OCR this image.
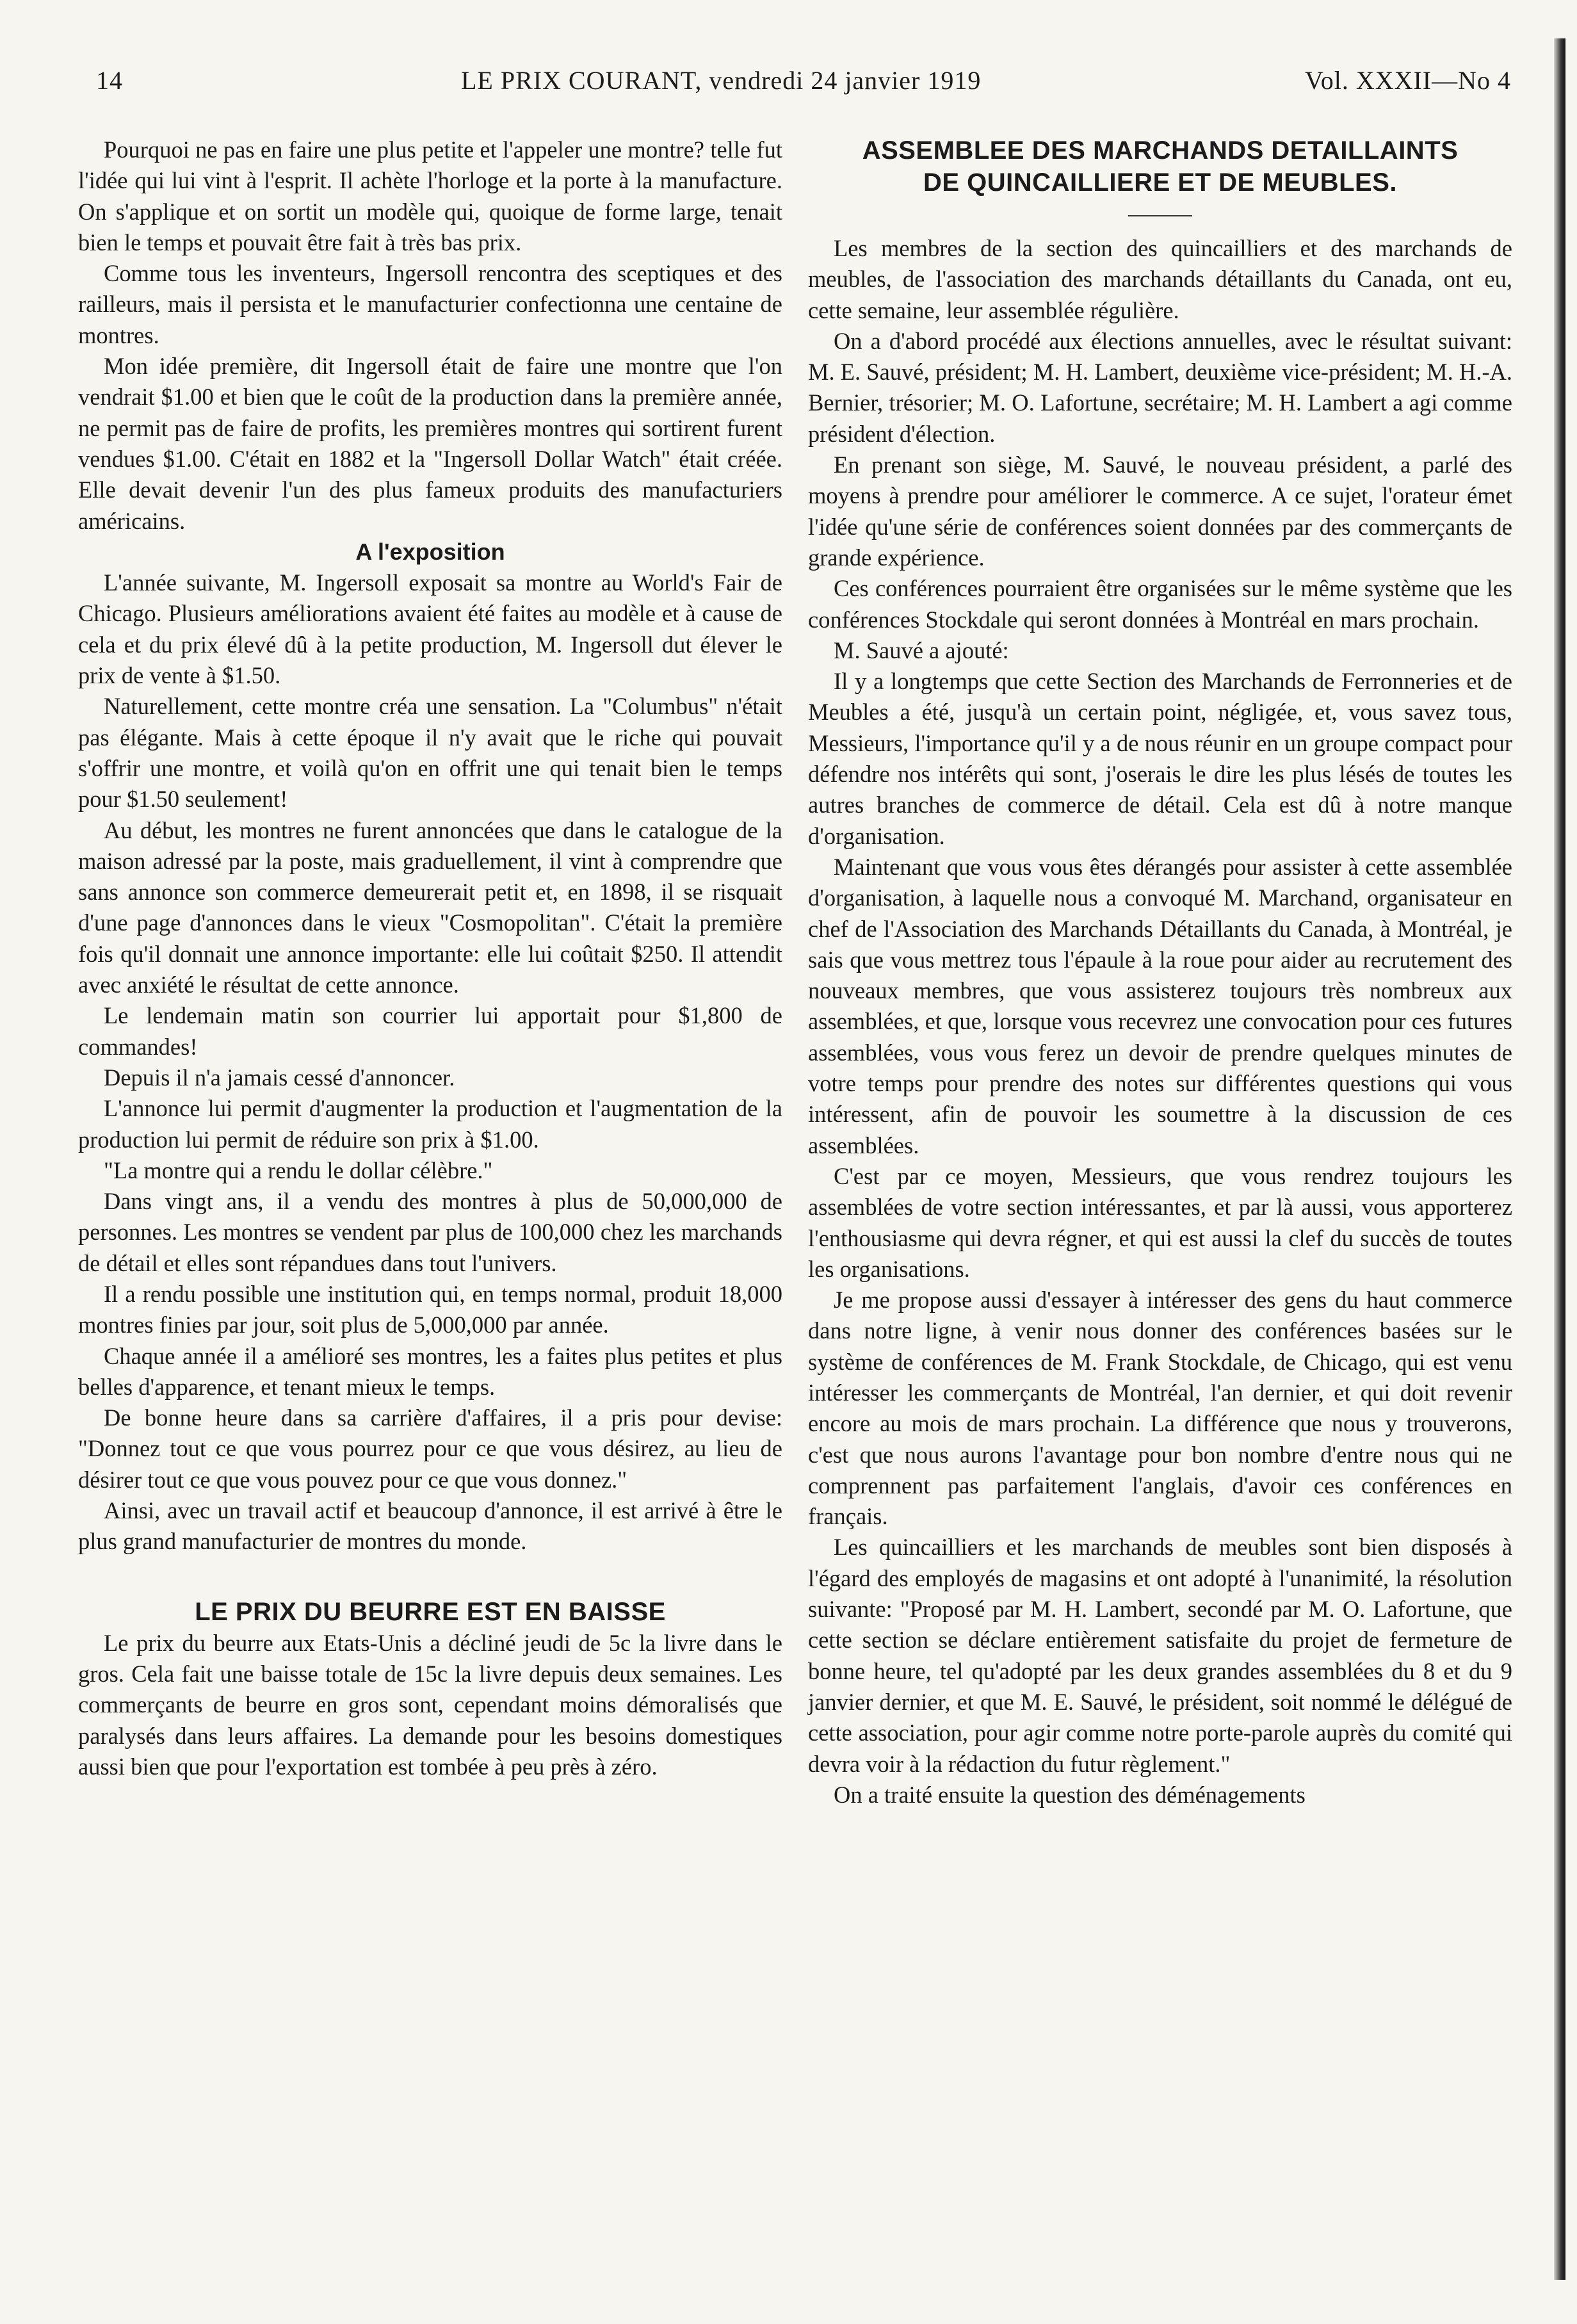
14	LE PRIX COURANT, vendredi 24 janvier 1919	Vol. XXXII—No 4

Pourquoi ne pas en faire une plus petite et l'appeler une montre? telle fut l'idée qui lui vint à l'esprit. Il achète l'horloge et la porte à la manufacture. On s'applique et on sortit un modèle qui, quoique de forme large, tenait bien le temps et pouvait être fait à très bas prix.

Comme tous les inventeurs, Ingersoll rencontra des sceptiques et des railleurs, mais il persista et le manufacturier confectionna une centaine de montres.

Mon idée première, dit Ingersoll était de faire une montre que l'on vendrait $1.00 et bien que le coût de la production dans la première année, ne permit pas de faire de profits, les premières montres qui sortirent furent vendues $1.00. C'était en 1882 et la "Ingersoll Dollar Watch" était créée. Elle devait devenir l'un des plus fameux produits des manufacturiers américains.

A l'exposition

L'année suivante, M. Ingersoll exposait sa montre au World's Fair de Chicago. Plusieurs améliorations avaient été faites au modèle et à cause de cela et du prix élevé dû à la petite production, M. Ingersoll dut élever le prix de vente à $1.50.

Naturellement, cette montre créa une sensation. La "Columbus" n'était pas élégante. Mais à cette époque il n'y avait que le riche qui pouvait s'offrir une montre, et voilà qu'on en offrit une qui tenait bien le temps pour $1.50 seulement!

Au début, les montres ne furent annoncées que dans le catalogue de la maison adressé par la poste, mais graduellement, il vint à comprendre que sans annonce son commerce demeurerait petit et, en 1898, il se risquait d'une page d'annonces dans le vieux "Cosmopolitan". C'était la première fois qu'il donnait une annonce importante: elle lui coûtait $250. Il attendit avec anxiété le résultat de cette annonce.

Le lendemain matin son courrier lui apportait pour $1,800 de commandes!

Depuis il n'a jamais cessé d'annoncer.

L'annonce lui permit d'augmenter la production et l'augmentation de la production lui permit de réduire son prix à $1.00.

"La montre qui a rendu le dollar célèbre."

Dans vingt ans, il a vendu des montres à plus de 50,000,000 de personnes. Les montres se vendent par plus de 100,000 chez les marchands de détail et elles sont répandues dans tout l'univers.

Il a rendu possible une institution qui, en temps normal, produit 18,000 montres finies par jour, soit plus de 5,000,000 par année.

Chaque année il a amélioré ses montres, les a faites plus petites et plus belles d'apparence, et tenant mieux le temps.

De bonne heure dans sa carrière d'affaires, il a pris pour devise: "Donnez tout ce que vous pourrez pour ce que vous désirez, au lieu de désirer tout ce que vous pouvez pour ce que vous donnez."

Ainsi, avec un travail actif et beaucoup d'annonce, il est arrivé à être le plus grand manufacturier de montres du monde.

LE PRIX DU BEURRE EST EN BAISSE

Le prix du beurre aux Etats-Unis a décliné jeudi de 5c la livre dans le gros. Cela fait une baisse totale de 15c la livre depuis deux semaines. Les commerçants de beurre en gros sont, cependant moins démoralisés que paralysés dans leurs affaires. La demande pour les besoins domestiques aussi bien que pour l'exportation est tombée à peu près à zéro.

ASSEMBLEE DES MARCHANDS DETAILLAINTS
DE QUINCAILLIERE ET DE MEUBLES.

Les membres de la section des quincailliers et des marchands de meubles, de l'association des marchands détaillants du Canada, ont eu, cette semaine, leur assemblée régulière.

On a d'abord procédé aux élections annuelles, avec le résultat suivant: M. E. Sauvé, président; M. H. Lambert, deuxième vice-président; M. H.-A. Bernier, trésorier; M. O. Lafortune, secrétaire; M. H. Lambert a agi comme président d'élection.

En prenant son siège, M. Sauvé, le nouveau président, a parlé des moyens à prendre pour améliorer le commerce. A ce sujet, l'orateur émet l'idée qu'une série de conférences soient données par des commerçants de grande expérience.

Ces conférences pourraient être organisées sur le même système que les conférences Stockdale qui seront données à Montréal en mars prochain.

M. Sauvé a ajouté:

Il y a longtemps que cette Section des Marchands de Ferronneries et de Meubles a été, jusqu'à un certain point, négligée, et, vous savez tous, Messieurs, l'importance qu'il y a de nous réunir en un groupe compact pour défendre nos intérêts qui sont, j'oserais le dire les plus lésés de toutes les autres branches de commerce de détail. Cela est dû à notre manque d'organisation.

Maintenant que vous vous êtes dérangés pour assister à cette assemblée d'organisation, à laquelle nous a convoqué M. Marchand, organisateur en chef de l'Association des Marchands Détaillants du Canada, à Montréal, je sais que vous mettrez tous l'épaule à la roue pour aider au recrutement des nouveaux membres, que vous assisterez toujours très nombreux aux assemblées, et que, lorsque vous recevrez une convocation pour ces futures assemblées, vous vous ferez un devoir de prendre quelques minutes de votre temps pour prendre des notes sur différentes questions qui vous intéressent, afin de pouvoir les soumettre à la discussion de ces assemblées.

C'est par ce moyen, Messieurs, que vous rendrez toujours les assemblées de votre section intéressantes, et par là aussi, vous apporterez l'enthousiasme qui devra régner, et qui est aussi la clef du succès de toutes les organisations.

Je me propose aussi d'essayer à intéresser des gens du haut commerce dans notre ligne, à venir nous donner des conférences basées sur le système de conférences de M. Frank Stockdale, de Chicago, qui est venu intéresser les commerçants de Montréal, l'an dernier, et qui doit revenir encore au mois de mars prochain. La différence que nous y trouverons, c'est que nous aurons l'avantage pour bon nombre d'entre nous qui ne comprennent pas parfaitement l'anglais, d'avoir ces conférences en français.

Les quincailliers et les marchands de meubles sont bien disposés à l'égard des employés de magasins et ont adopté à l'unanimité, la résolution suivante: "Proposé par M. H. Lambert, secondé par M. O. Lafortune, que cette section se déclare entièrement satisfaite du projet de fermeture de bonne heure, tel qu'adopté par les deux grandes assemblées du 8 et du 9 janvier dernier, et que M. E. Sauvé, le président, soit nommé le délégué de cette association, pour agir comme notre porte-parole auprès du comité qui devra voir à la rédaction du futur règlement."

On a traité ensuite la question des déménagements
